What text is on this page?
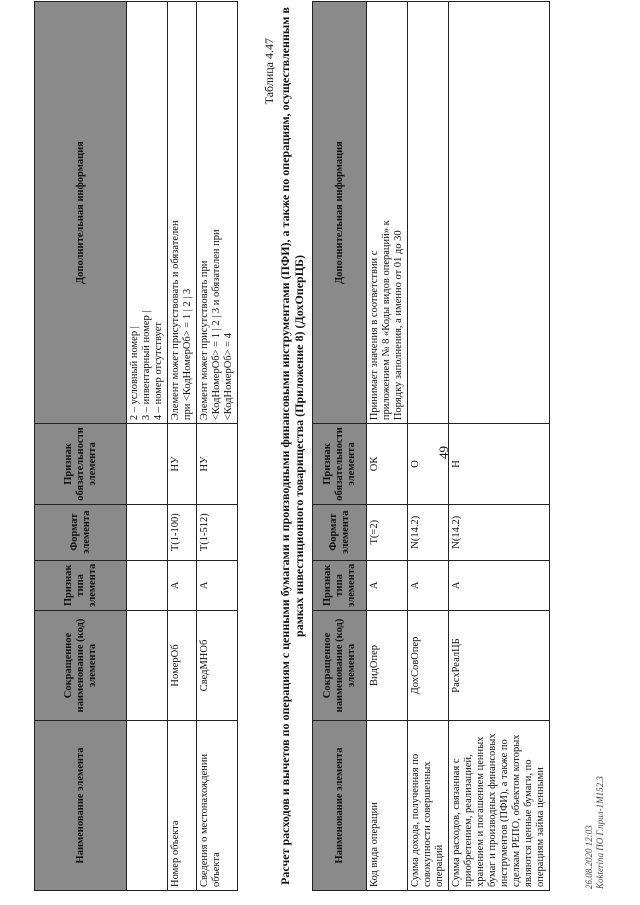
Наименование элемента	Сокращенное наименование (код) элемента	Признак типа элемента	Формат элемента	Признак обязательности элемента	Дополнительная информация

					2 – условный номер | 3 – инвентарный номер | 4 – номер отсутствует

Номер объекта	НомерОб	А	Т(1-100)	НУ	Элемент может присутствовать и обязателен при <КодНомерОб> = 1 | 2 | 3

Сведения о местонахождении объекта	СведМНОб	А	Т(1-512)	НУ	Элемент может присутствовать при <КодНомерОб> = 1 | 2 | 3 и обязателен при <КодНомерОб> = 4
49
Таблица 4.47 Расчет расходов и вычетов по операциям с ценными бумагами и производными финансовыми инструментами (ПФИ), а также по операциям, осуществленным в рамках инвестиционного товарищества (Приложение 8) (ДохОперЦБ)
Наименование элемента	Сокращенное наименование (код) элемента	Признак типа элемента	Формат элемента	Признак обязательности элемента	Дополнительная информация
Код вида операции	ВидОпер	А	Т(=2)	ОК	Принимает значения в соответствии с приложением № 8 «Коды видов операций» к Порядку заполнения, а именно от 01 до 30

Сумма дохода, полученная по совокупности совершенных операций	ДохСовОпер	А	N(14.2)	О	
Сумма расходов, связанная с приобретением, реализацией, хранением и погашением ценных бумаг и производных финансовых инструментов (ПФИ), а также по сделкам РЕПО, объектом которых являются ценные бумаги, по операциям займа ценными	РасхРеалЦБ	А	N(14.2)	Н	
26.08.2020 12:03 Kokterina ПО Г.прил-1М152.3
